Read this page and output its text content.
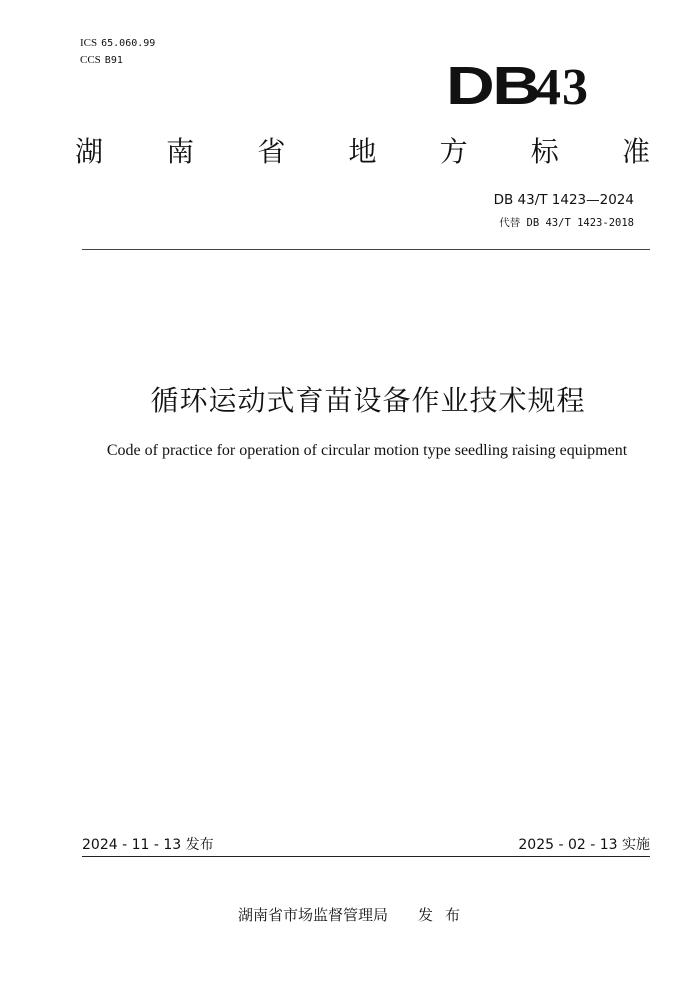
ICS 65.060.99
CCS B91	DB43
湖 南 省 地 方 标 准
DB 43/T 1423—2024
代替 DB 43/T 1423-2018
循环运动式育苗设备作业技术规程
Code of practice for operation of circular motion type seedling raising equipment
2024 - 11 - 13 发布	2025 - 02 - 13 实施
湖南省市场监督管理局 发布
